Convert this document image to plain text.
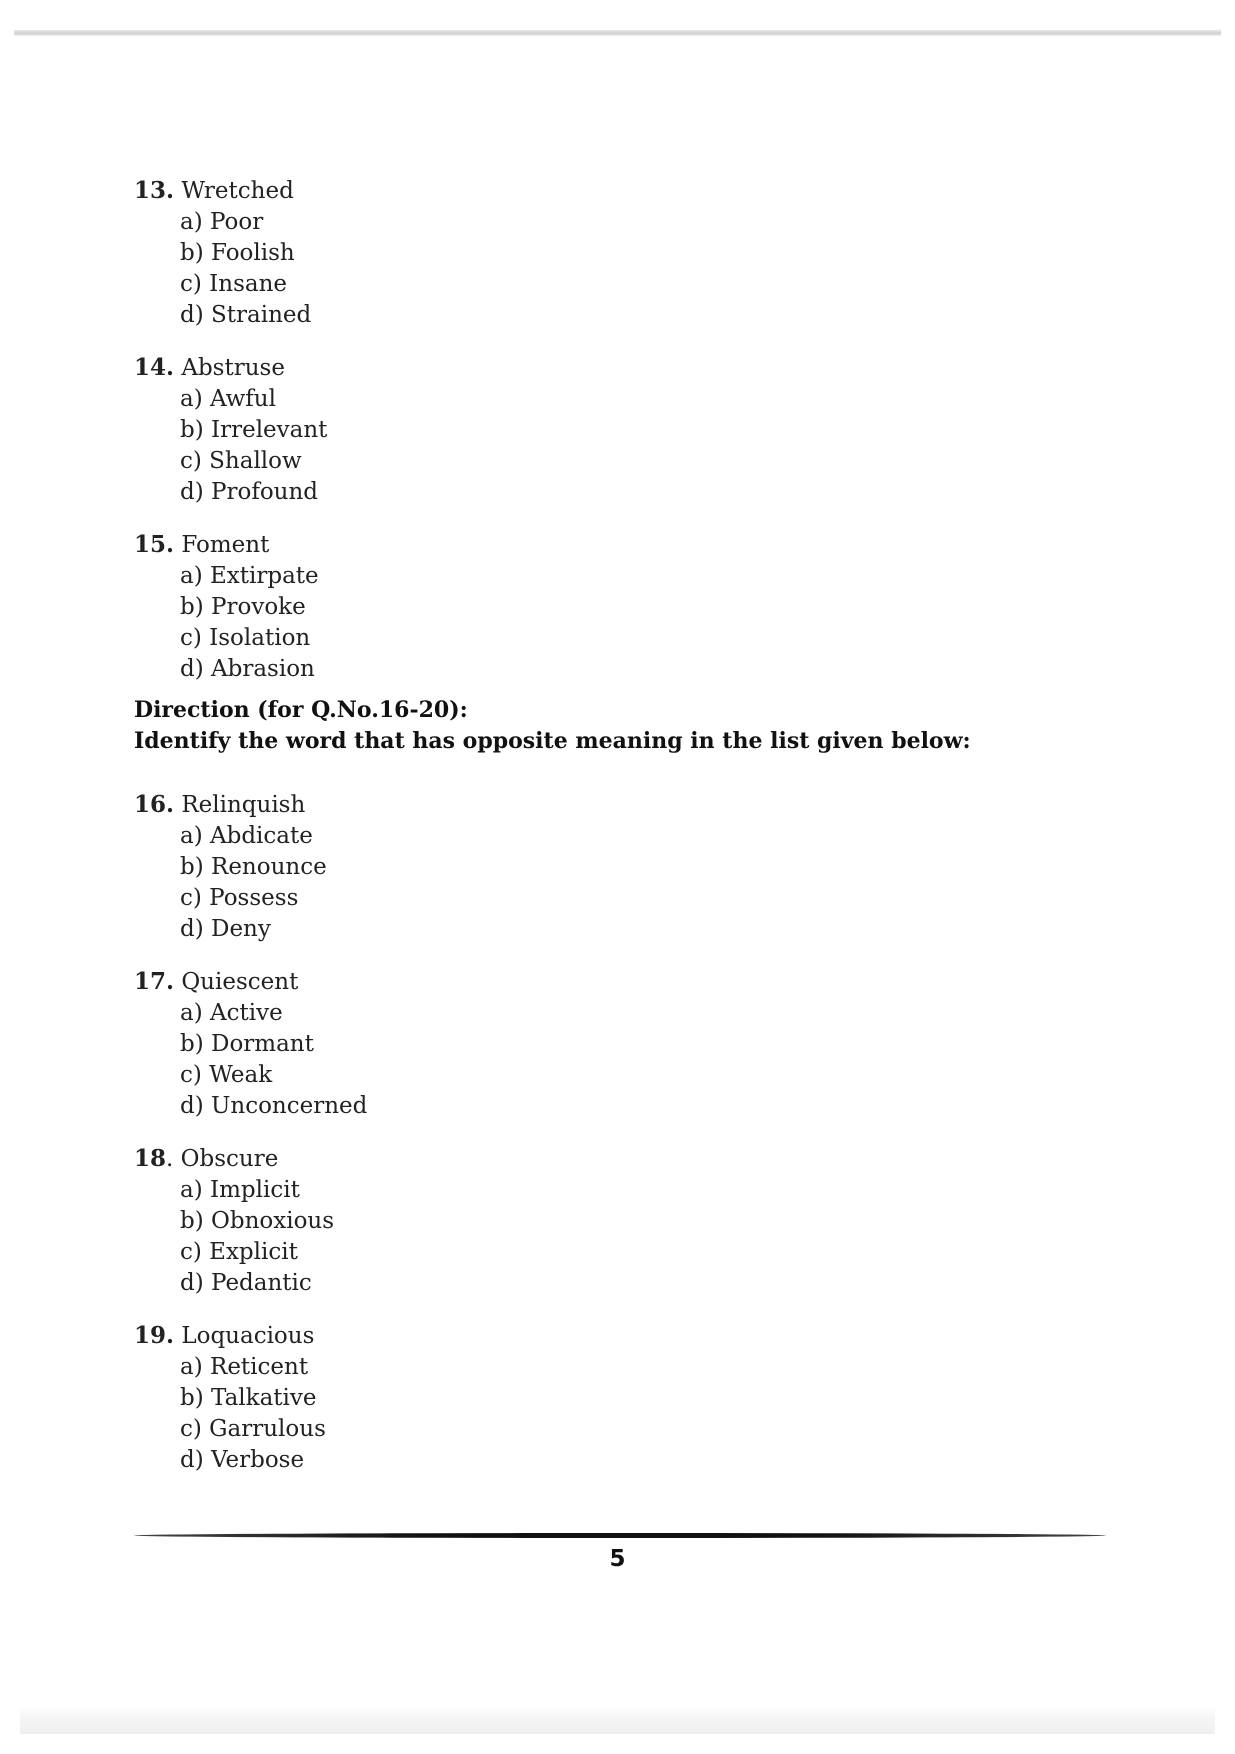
13. Wretched
a) Poor
b) Foolish
c) Insane
d) Strained
14. Abstruse
a) Awful
b) Irrelevant
c) Shallow
d) Profound
15. Foment
a) Extirpate
b) Provoke
c) Isolation
d) Abrasion
Direction (for Q.No.16-20):
Identify the word that has opposite meaning in the list given below:
16. Relinquish
a) Abdicate
b) Renounce
c) Possess
d) Deny
17. Quiescent
a) Active
b) Dormant
c) Weak
d) Unconcerned
18. Obscure
a) Implicit
b) Obnoxious
c) Explicit
d) Pedantic
19. Loquacious
a) Reticent
b) Talkative
c) Garrulous
d) Verbose
5
